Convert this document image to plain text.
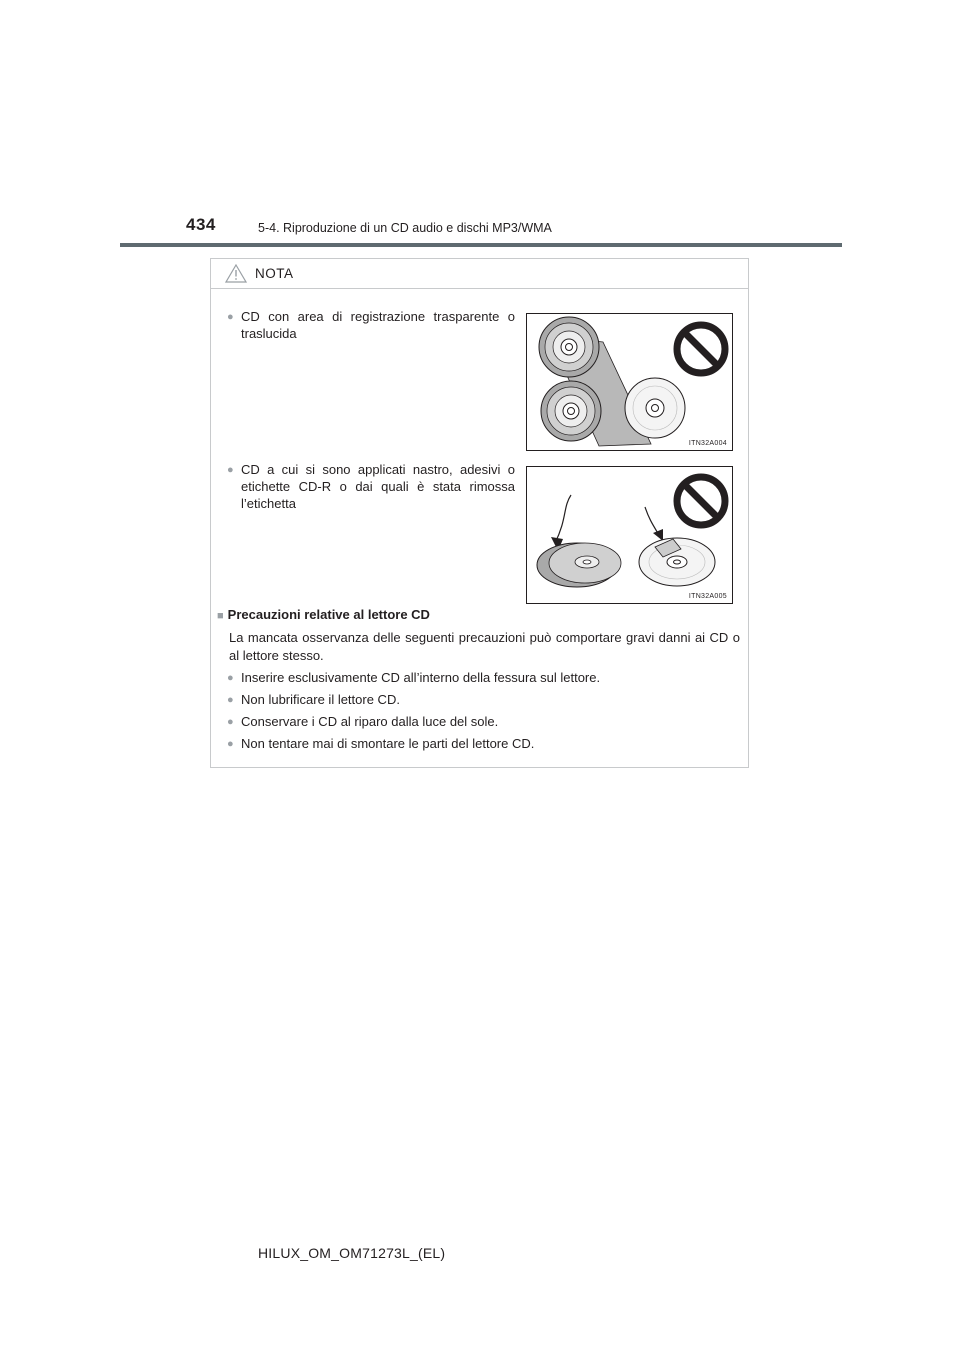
434	5-4. Riproduzione di un CD audio e dischi MP3/WMA
NOTA
● CD con area di registrazione trasparente o traslucida
ITN32A004
● CD a cui si sono applicati nastro, adesivi o etichette CD-R o dai quali è stata rimossa l’etichetta
ITN32A005
■ Precauzioni relative al lettore CD
La mancata osservanza delle seguenti precauzioni può comportare gravi danni ai CD o al lettore stesso.
● Inserire esclusivamente CD all’interno della fessura sul lettore.
● Non lubrificare il lettore CD.
● Conservare i CD al riparo dalla luce del sole.
● Non tentare mai di smontare le parti del lettore CD.
HILUX_OM_OM71273L_(EL)
